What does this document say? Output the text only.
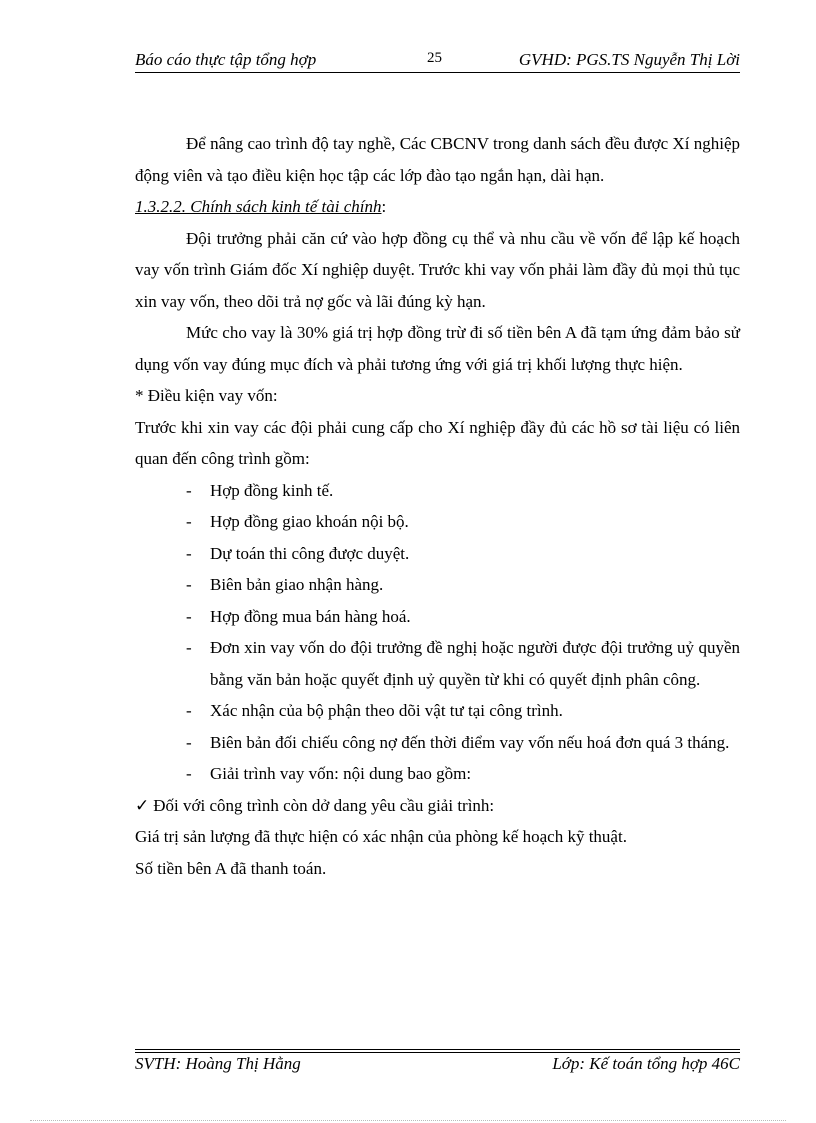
Báo cáo thực tập tổng hợp	25	GVHD: PGS.TS Nguyễn Thị Lời

Để nâng cao trình độ tay nghề, Các CBCNV trong danh sách đều được Xí nghiệp động viên và tạo điều kiện học tập các lớp đào tạo ngắn hạn, dài hạn.

1.3.2.2. Chính sách kinh tế tài chính:

Đội trưởng phải căn cứ vào hợp đồng cụ thể và nhu cầu về vốn để lập kế hoạch vay vốn trình Giám đốc Xí nghiệp duyệt. Trước khi vay vốn phải làm đầy đủ mọi thủ tục xin vay vốn, theo dõi trả nợ gốc và lãi đúng kỳ hạn.

Mức cho vay là 30% giá trị hợp đồng trừ đi số tiền bên A đã tạm ứng đảm bảo sử dụng vốn vay đúng mục đích và phải tương ứng với giá trị khối lượng thực hiện.

* Điều kiện vay vốn:

Trước khi xin vay các đội phải cung cấp cho Xí nghiệp đầy đủ các hồ sơ tài liệu có liên quan đến công trình gồm:

- Hợp đồng kinh tế.
- Hợp đồng giao khoán nội bộ.
- Dự toán thi công được duyệt.
- Biên bản giao nhận hàng.
- Hợp đồng mua bán hàng hoá.
- Đơn xin vay vốn do đội trưởng đề nghị hoặc người được đội trưởng uỷ quyền bằng văn bản hoặc quyết định uỷ quyền từ khi có quyết định phân công.
- Xác nhận của bộ phận theo dõi vật tư tại công trình.
- Biên bản đối chiếu công nợ đến thời điểm vay vốn nếu hoá đơn quá 3 tháng.
- Giải trình vay vốn: nội dung bao gồm:

✓ Đối với công trình còn dở dang yêu cầu giải trình:

Giá trị sản lượng đã thực hiện có xác nhận của phòng kế hoạch kỹ thuật.

Số tiền bên A đã thanh toán.

SVTH: Hoàng Thị Hằng	Lớp: Kế toán tổng hợp 46C
